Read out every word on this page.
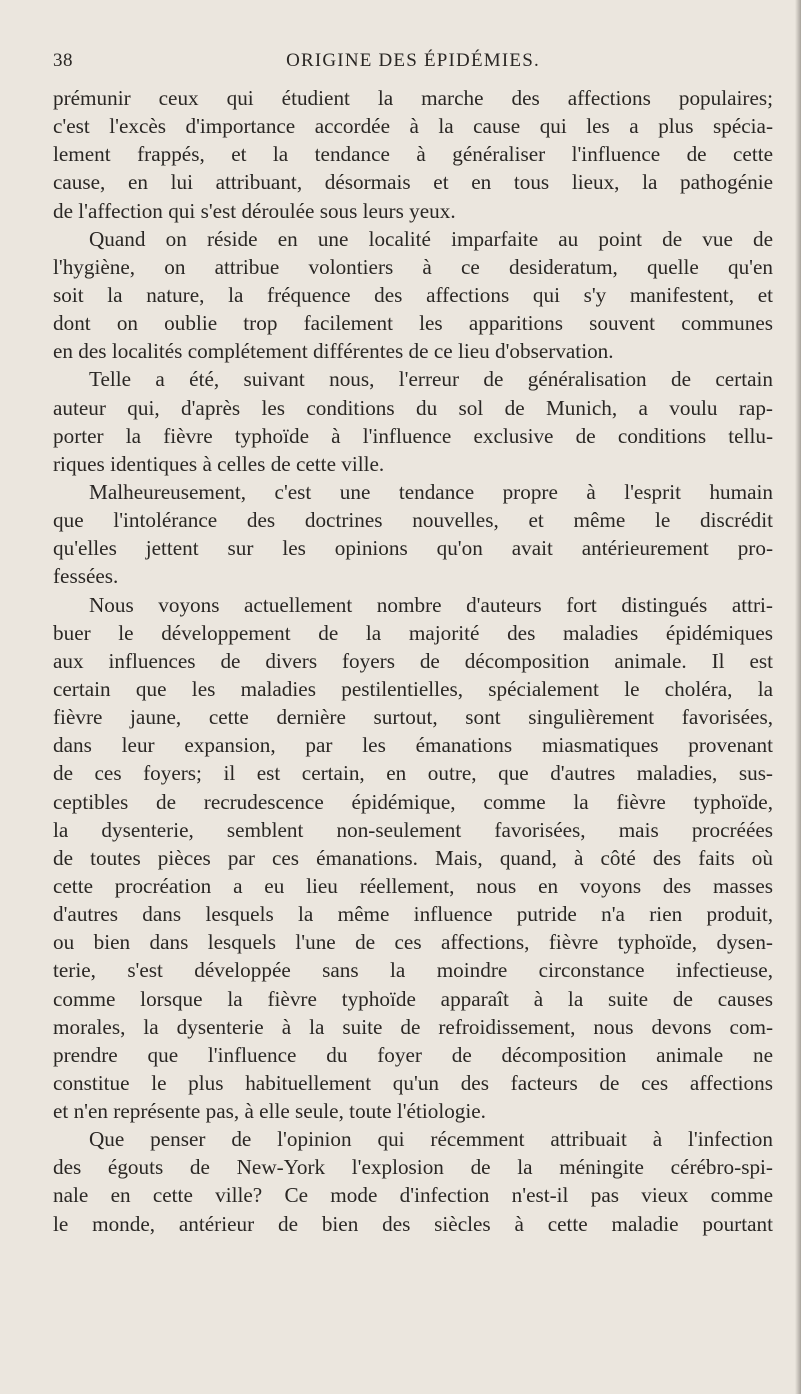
38	ORIGINE DES ÉPIDÉMIES.
prémunir ceux qui étudient la marche des affections populaires;
c'est l'excès d'importance accordée à la cause qui les a plus spécia-
lement frappés, et la tendance à généraliser l'influence de cette
cause, en lui attribuant, désormais et en tous lieux, la pathogénie
de l'affection qui s'est déroulée sous leurs yeux.
Quand on réside en une localité imparfaite au point de vue de
l'hygiène, on attribue volontiers à ce desideratum, quelle qu'en
soit la nature, la fréquence des affections qui s'y manifestent, et
dont on oublie trop facilement les apparitions souvent communes
en des localités complétement différentes de ce lieu d'observation.
Telle a été, suivant nous, l'erreur de généralisation de certain
auteur qui, d'après les conditions du sol de Munich, a voulu rap-
porter la fièvre typhoïde à l'influence exclusive de conditions tellu-
riques identiques à celles de cette ville.
Malheureusement, c'est une tendance propre à l'esprit humain
que l'intolérance des doctrines nouvelles, et même le discrédit
qu'elles jettent sur les opinions qu'on avait antérieurement pro-
fessées.
Nous voyons actuellement nombre d'auteurs fort distingués attri-
buer le développement de la majorité des maladies épidémiques
aux influences de divers foyers de décomposition animale. Il est
certain que les maladies pestilentielles, spécialement le choléra, la
fièvre jaune, cette dernière surtout, sont singulièrement favorisées,
dans leur expansion, par les émanations miasmatiques provenant
de ces foyers; il est certain, en outre, que d'autres maladies, sus-
ceptibles de recrudescence épidémique, comme la fièvre typhoïde,
la dysenterie, semblent non-seulement favorisées, mais procréées
de toutes pièces par ces émanations. Mais, quand, à côté des faits où
cette procréation a eu lieu réellement, nous en voyons des masses
d'autres dans lesquels la même influence putride n'a rien produit,
ou bien dans lesquels l'une de ces affections, fièvre typhoïde, dysen-
terie, s'est développée sans la moindre circonstance infectieuse,
comme lorsque la fièvre typhoïde apparaît à la suite de causes
morales, la dysenterie à la suite de refroidissement, nous devons com-
prendre que l'influence du foyer de décomposition animale ne
constitue le plus habituellement qu'un des facteurs de ces affections
et n'en représente pas, à elle seule, toute l'étiologie.
Que penser de l'opinion qui récemment attribuait à l'infection
des égouts de New-York l'explosion de la méningite cérébro-spi-
nale en cette ville? Ce mode d'infection n'est-il pas vieux comme
le monde, antérieur de bien des siècles à cette maladie pourtant
